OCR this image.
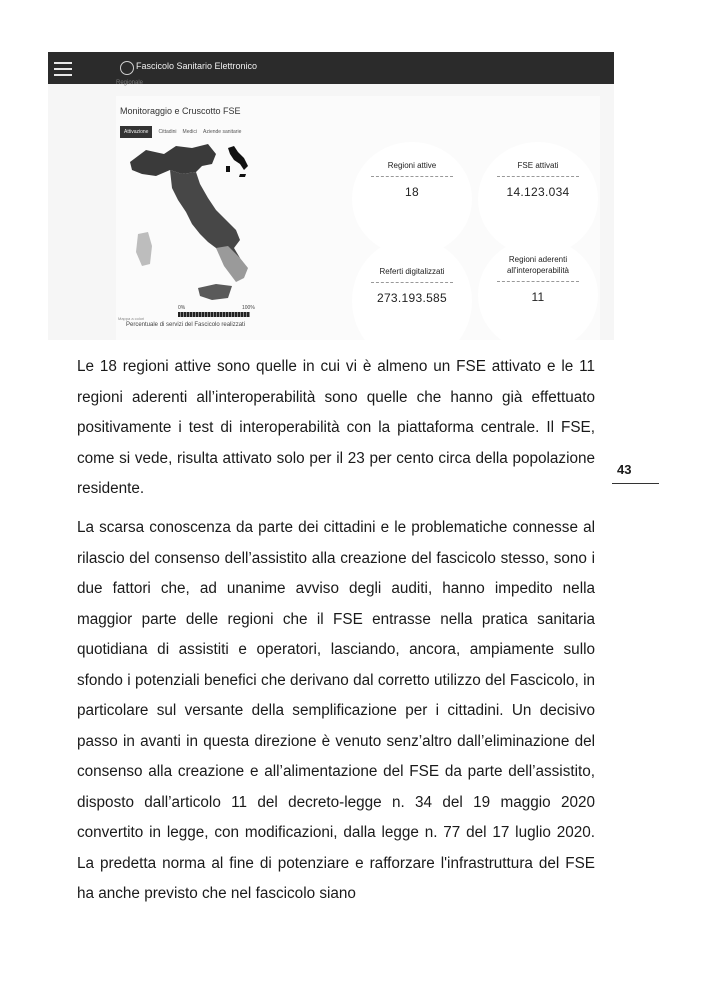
Fascicolo Sanitario Elettronico
Regionale
Monitoraggio e Cruscotto FSE
Attivazione	Cittadini Medici Aziende sanitarie
0%	100%
Mappa a colori
Percentuale di servizi del Fascicolo realizzati
Regioni attive
18
FSE attivati
14.123.034
Referti digitalizzati
273.193.585
Regioni aderenti all'interoperabilità
11

Le 18 regioni attive sono quelle in cui vi è almeno un FSE attivato e le 11 regioni aderenti all’interoperabilità sono quelle che hanno già effettuato positivamente i test di interoperabilità con la piattaforma centrale. Il FSE, come si vede, risulta attivato solo per il 23 per cento circa della popolazione residente.

La scarsa conoscenza da parte dei cittadini e le problematiche connesse al rilascio del consenso dell’assistito alla creazione del fascicolo stesso, sono i due fattori che, ad unanime avviso degli auditi, hanno impedito nella maggior parte delle regioni che il FSE entrasse nella pratica sanitaria quotidiana di assistiti e operatori, lasciando, ancora, ampiamente sullo sfondo i potenziali benefici che derivano dal corretto utilizzo del Fascicolo, in particolare sul versante della semplificazione per i cittadini. Un decisivo passo in avanti in questa direzione è venuto senz’altro dall’eliminazione del consenso alla creazione e all’alimentazione del FSE da parte dell’assistito, disposto dall’articolo 11 del decreto-legge n. 34 del 19 maggio 2020 convertito in legge, con modificazioni, dalla legge n. 77 del 17 luglio 2020. La predetta norma al fine di potenziare e rafforzare l'infrastruttura del FSE ha anche previsto che nel fascicolo siano

43
